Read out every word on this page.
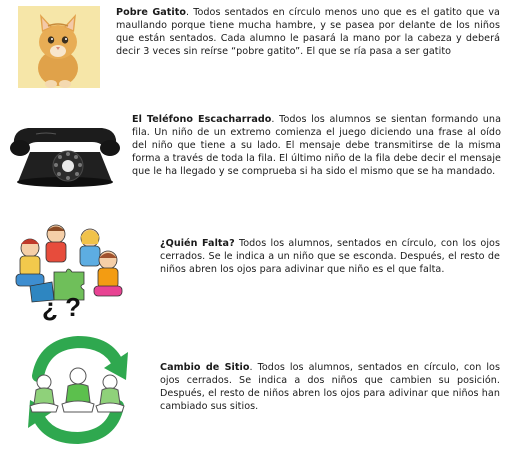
Pobre Gatito. Todos sentados en círculo menos uno que es el gatito que va maullando porque tiene mucha hambre, y se pasea por delante de los niños que están sentados. Cada alumno le pasará la mano por la cabeza y deberá decir 3 veces sin reírse “pobre gatito”. El que se ría pasa a ser gatito

El Teléfono Escacharrado. Todos los alumnos se sientan formando una fila. Un niño de un extremo comienza el juego diciendo una frase al oído del niño que tiene a su lado. El mensaje debe transmitirse de la misma forma a través de toda la fila. El último niño de la fila debe decir el mensaje que le ha llegado y se comprueba si ha sido el mismo que se ha mandado.

¿ ?

¿Quién Falta? Todos los alumnos, sentados en círculo, con los ojos cerrados. Se le indica a un niño que se esconda. Después, el resto de niños abren los ojos para adivinar que niño es el que falta.

Cambio de Sitio. Todos los alumnos, sentados en círculo, con los ojos cerrados. Se indica a dos niños que cambien su posición. Después, el resto de niños abren los ojos para adivinar que niños han cambiado sus sitios.
